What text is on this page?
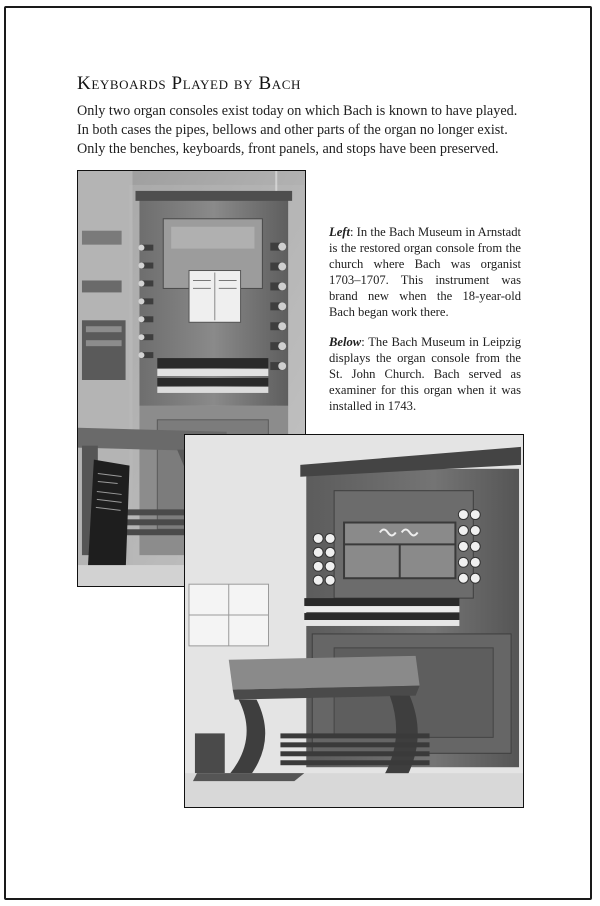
Keyboards Played by Bach
Only two organ consoles exist today on which Bach is known to have played. In both cases the pipes, bellows and other parts of the organ no longer exist. Only the benches, keyboards, front panels, and stops have been preserved.

Left: In the Bach Museum in Arnstadt is the restored organ console from the church where Bach was organist 1703–1707. This instrument was brand new when the 18-year-old Bach began work there.

Below: The Bach Museum in Leipzig displays the organ console from the St. John Church. Bach served as examiner for this organ when it was installed in 1743.
